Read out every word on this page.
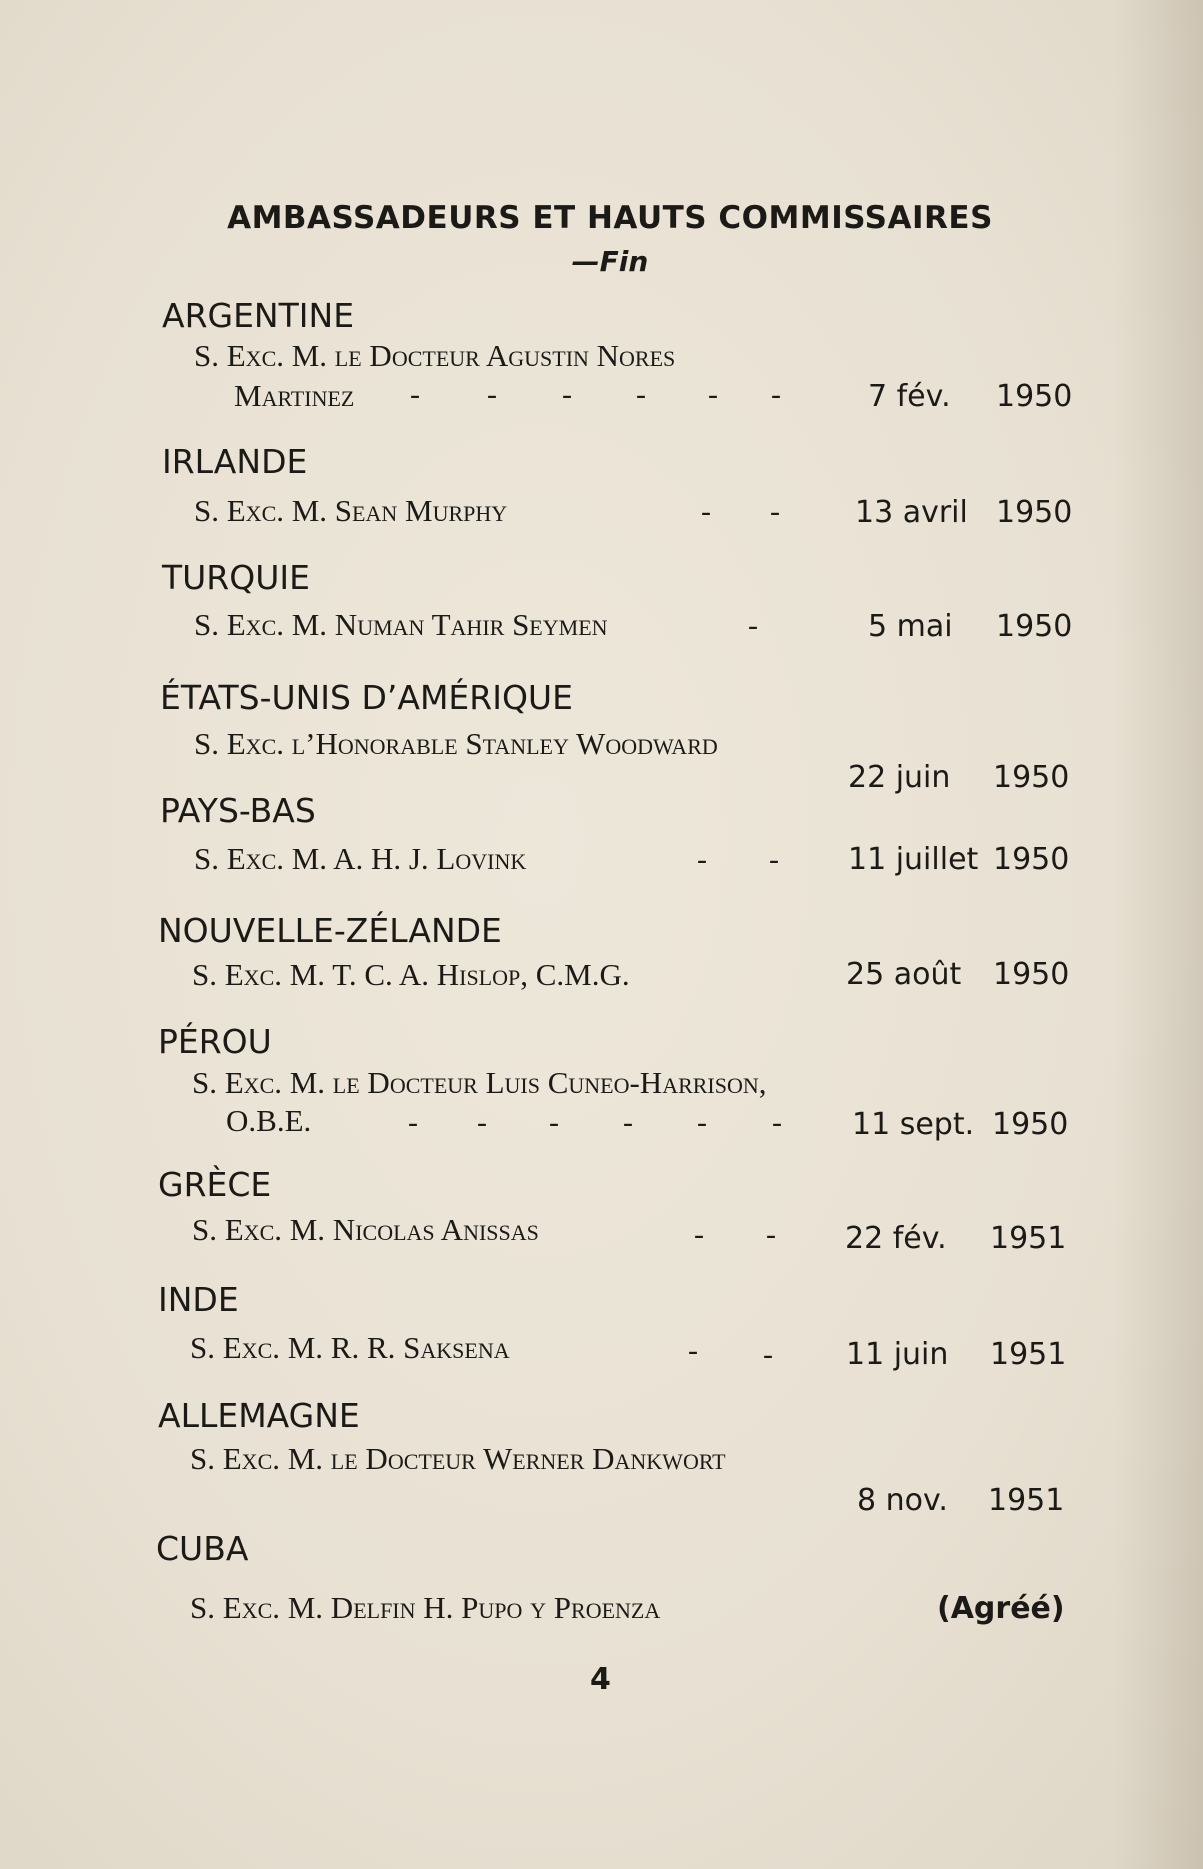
AMBASSADEURS ET HAUTS COMMISSAIRES
—Fin
ARGENTINE
S. Exc. M. le Docteur Agustin Nores
Martinez - - - - - -	7 fév. 1950
IRLANDE
S. Exc. M. Sean Murphy	- -	13 avril 1950
TURQUIE
S. Exc. M. Numan Tahir Seymen	-	5 mai 1950
ÉTATS-UNIS D’AMÉRIQUE
S. Exc. l’Honorable Stanley Woodward
22 juin 1950
PAYS-BAS
S. Exc. M. A. H. J. Lovink	- - 11 juillet 1950
NOUVELLE-ZÉLANDE
S. Exc. M. T. C. A. Hislop, C.M.G.	25 août 1950
PÉROU
S. Exc. M. le Docteur Luis Cuneo-Harrison,
O.B.E.	- - - - - - 11 sept. 1950
GRÈCE
S. Exc. M. Nicolas Anissas	- - 22 fév. 1951
INDE
S. Exc. M. R. R. Saksena	- - 11 juin 1951
ALLEMAGNE
S. Exc. M. le Docteur Werner Dankwort
8 nov. 1951
CUBA
S. Exc. M. Delfin H. Pupo y Proenza	(Agréé)
4
